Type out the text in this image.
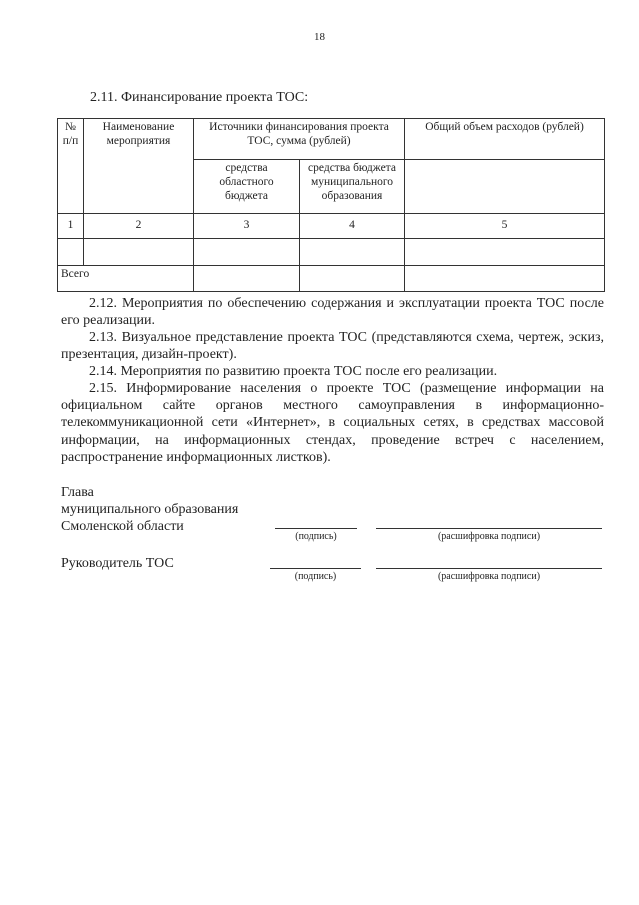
18
2.11. Финансирование проекта ТОС:
№ п/п	Наименование мероприятия	Источники финансирования проекта ТОС, сумма (рублей)		Общий объем расходов (рублей)
		средства областного бюджета	средства бюджета муниципального образования	
1	2	3	4	5

Всего				
2.12. Мероприятия по обеспечению содержания и эксплуатации проекта ТОС после его реализации.
2.13. Визуальное представление проекта ТОС (представляются схема, чертеж, эскиз, презентация, дизайн-проект).
2.14. Мероприятия по развитию проекта ТОС после его реализации.
2.15. Информирование населения о проекте ТОС (размещение информации на официальном сайте органов местного самоуправления в информационно-телекоммуникационной сети «Интернет», в социальных сетях, в средствах массовой информации, на информационных стендах, проведение встреч с населением, распространение информационных листков).
Глава
муниципального образования
Смоленской области
(подпись)	(расшифровка подписи)
Руководитель ТОС
(подпись)	(расшифровка подписи)
